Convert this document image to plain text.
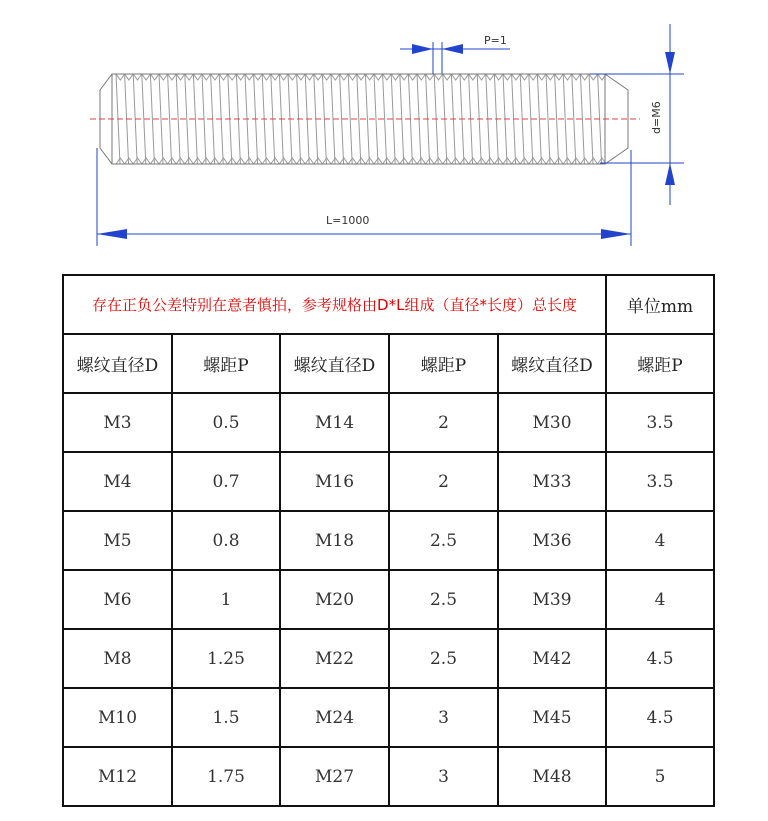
P=1
d=M6
L=1000
存在正负公差特别在意者慎拍，参考规格由D*L组成（直径*长度）总长度					单位mm
螺纹直径D	螺距P	螺纹直径D	螺距P	螺纹直径D	螺距P
M3	0.5	M14	2	M30	3.5
M4	0.7	M16	2	M33	3.5
M5	0.8	M18	2.5	M36	4
M6	1	M20	2.5	M39	4
M8	1.25	M22	2.5	M42	4.5
M10	1.5	M24	3	M45	4.5
M12	1.75	M27	3	M48	5
